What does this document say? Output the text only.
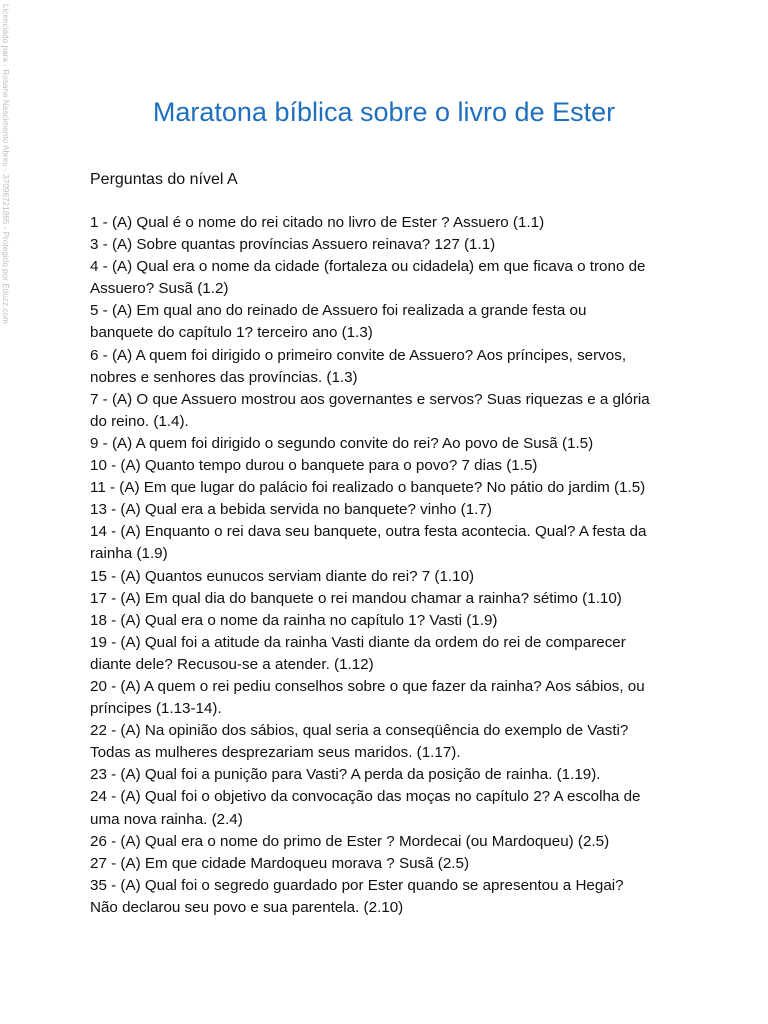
Licenciado para - Rosane Nascimento Abreu - 37096721865 - Protegido por Eduzz.com	Maratona bíblica sobre o livro de Ester

Perguntas do nível A

1 - (A) Qual é o nome do rei citado no livro de Ester ? Assuero (1.1)
3 - (A) Sobre quantas províncias Assuero reinava? 127 (1.1)
4 - (A) Qual era o nome da cidade (fortaleza ou cidadela) em que ficava o trono de
Assuero? Susã (1.2)
5 - (A) Em qual ano do reinado de Assuero foi realizada a grande festa ou
banquete do capítulo 1? terceiro ano (1.3)
6 - (A) A quem foi dirigido o primeiro convite de Assuero? Aos príncipes, servos,
nobres e senhores das províncias. (1.3)
7 - (A) O que Assuero mostrou aos governantes e servos? Suas riquezas e a glória
do reino. (1.4).
9 - (A) A quem foi dirigido o segundo convite do rei? Ao povo de Susã (1.5)
10 - (A) Quanto tempo durou o banquete para o povo? 7 dias (1.5)
11 - (A) Em que lugar do palácio foi realizado o banquete? No pátio do jardim (1.5)
13 - (A) Qual era a bebida servida no banquete? vinho (1.7)
14 - (A) Enquanto o rei dava seu banquete, outra festa acontecia. Qual? A festa da
rainha (1.9)
15 - (A) Quantos eunucos serviam diante do rei? 7 (1.10)
17 - (A) Em qual dia do banquete o rei mandou chamar a rainha? sétimo (1.10)
18 - (A) Qual era o nome da rainha no capítulo 1? Vasti (1.9)
19 - (A) Qual foi a atitude da rainha Vasti diante da ordem do rei de comparecer
diante dele? Recusou-se a atender. (1.12)
20 - (A) A quem o rei pediu conselhos sobre o que fazer da rainha? Aos sábios, ou
príncipes (1.13-14).
22 - (A) Na opinião dos sábios, qual seria a conseqüência do exemplo de Vasti?
Todas as mulheres desprezariam seus maridos. (1.17).
23 - (A) Qual foi a punição para Vasti? A perda da posição de rainha. (1.19).
24 - (A) Qual foi o objetivo da convocação das moças no capítulo 2? A escolha de
uma nova rainha. (2.4)
26 - (A) Qual era o nome do primo de Ester ? Mordecai (ou Mardoqueu) (2.5)
27 - (A) Em que cidade Mardoqueu morava ? Susã (2.5)
35 - (A) Qual foi o segredo guardado por Ester quando se apresentou a Hegai?
Não declarou seu povo e sua parentela. (2.10)
